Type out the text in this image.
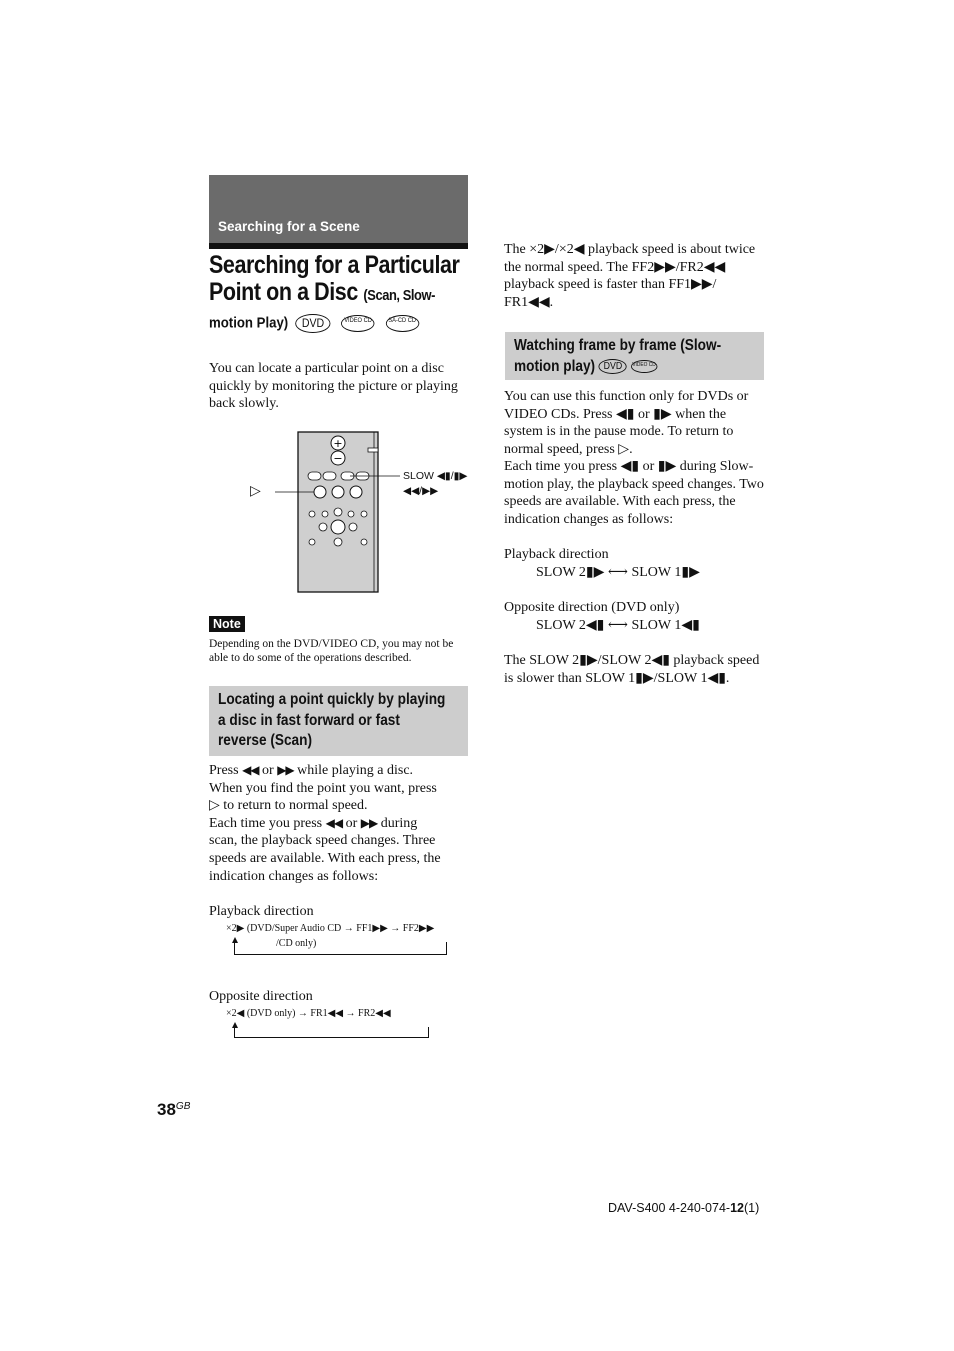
Searching for a Scene
Searching for a Particular
Point on a Disc (Scan, Slow-
motion Play) DVD	VIDEO CD	SA-CD CD
You can locate a particular point on a disc quickly by monitoring the picture or playing back slowly.
+
−
▷
SLOW ◀▮/▮▶
◀◀/▶▶
Note
Depending on the DVD/VIDEO CD, you may not be able to do some of the operations described.
Locating a point quickly by playing
a disc in fast forward or fast
reverse (Scan)
Press ◀◀ or ▶▶ while playing a disc.
When you find the point you want, press
▷ to return to normal speed.
Each time you press ◀◀ or ▶▶ during
scan, the playback speed changes. Three speeds are available. With each press, the indication changes as follows:
Playback direction
×2▶ (DVD/Super Audio CD → FF1▶▶ → FF2▶▶
/CD only)
Opposite direction
×2◀ (DVD only) → FR1◀◀ → FR2◀◀
The ×2▶/×2◀ playback speed is about twice the normal speed. The FF2▶▶/FR2◀◀ playback speed is faster than FF1▶▶/ FR1◀◀.
Watching frame by frame (Slow-
motion play) DVD VIDEO CD
You can use this function only for DVDs or VIDEO CDs. Press ◀▮ or ▮▶ when the system is in the pause mode. To return to normal speed, press ▷.
Each time you press ◀▮ or ▮▶ during Slow-motion play, the playback speed changes. Two speeds are available. With each press, the indication changes as follows:
Playback direction
SLOW 2▮▶ ⟷ SLOW 1▮▶
Opposite direction (DVD only)
SLOW 2◀▮ ⟷ SLOW 1◀▮
The SLOW 2▮▶/SLOW 2◀▮ playback speed is slower than SLOW 1▮▶/SLOW 1◀▮.
$38^{GB}$
DAV-S400 4-240-074-12(1)
